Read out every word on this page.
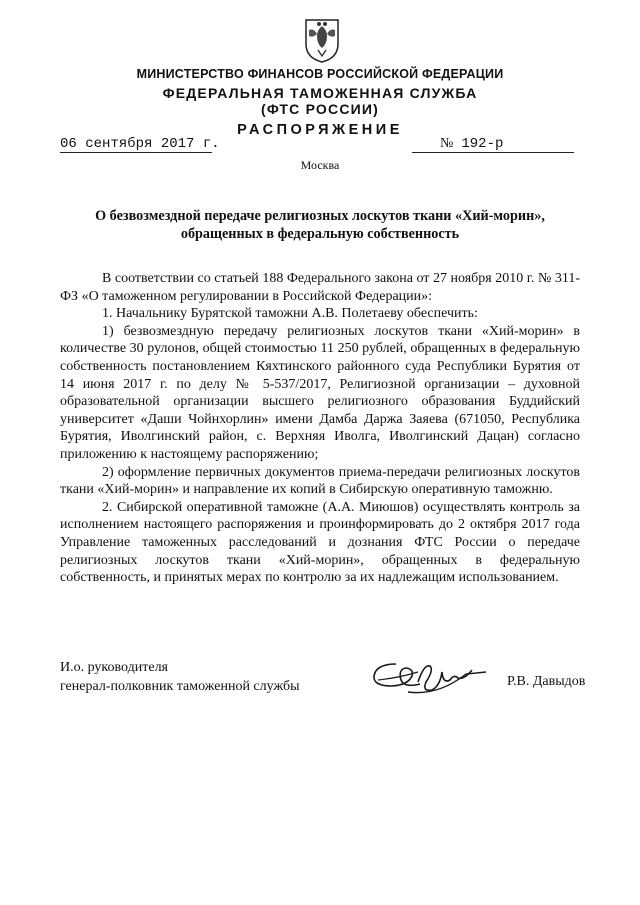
МИНИСТЕРСТВО ФИНАНСОВ РОССИЙСКОЙ ФЕДЕРАЦИИ
ФЕДЕРАЛЬНАЯ ТАМОЖЕННАЯ СЛУЖБА
(ФТС РОССИИ)
РАСПОРЯЖЕНИЕ
06 сентября 2017 г.	№ 192-р
Москва
О безвозмездной передаче религиозных лоскутов ткани «Хий-морин»,
обращенных в федеральную собственность

В соответствии со статьей 188 Федерального закона от 27 ноября 2010 г. № 311-ФЗ «О таможенном регулировании в Российской Федерации»:

1. Начальнику Бурятской таможни А.В. Полетаеву обеспечить:

1) безвозмездную передачу религиозных лоскутов ткани «Хий-морин» в количестве 30 рулонов, общей стоимостью 11 250 рублей, обращенных в федеральную собственность постановлением Кяхтинского районного суда Республики Бурятия от 14 июня 2017 г. по делу № 5-537/2017, Религиозной организации – духовной образовательной организации высшего религиозного образования Буддийский университет «Даши Чойнхорлин» имени Дамба Даржа Заяева (671050, Республика Бурятия, Иволгинский район, с. Верхняя Иволга, Иволгинский Дацан) согласно приложению к настоящему распоряжению;

2) оформление первичных документов приема-передачи религиозных лоскутов ткани «Хий-морин» и направление их копий в Сибирскую оперативную таможню.

2. Сибирской оперативной таможне (А.А. Миюшов) осуществлять контроль за исполнением настоящего распоряжения и проинформировать до 2 октября 2017 года Управление таможенных расследований и дознания ФТС России о передаче религиозных лоскутов ткани «Хий-морин», обращенных в федеральную собственность, и принятых мерах по контролю за их надлежащим использованием.

И.о. руководителя
генерал-полковник таможенной службы	Р.В. Давыдов
